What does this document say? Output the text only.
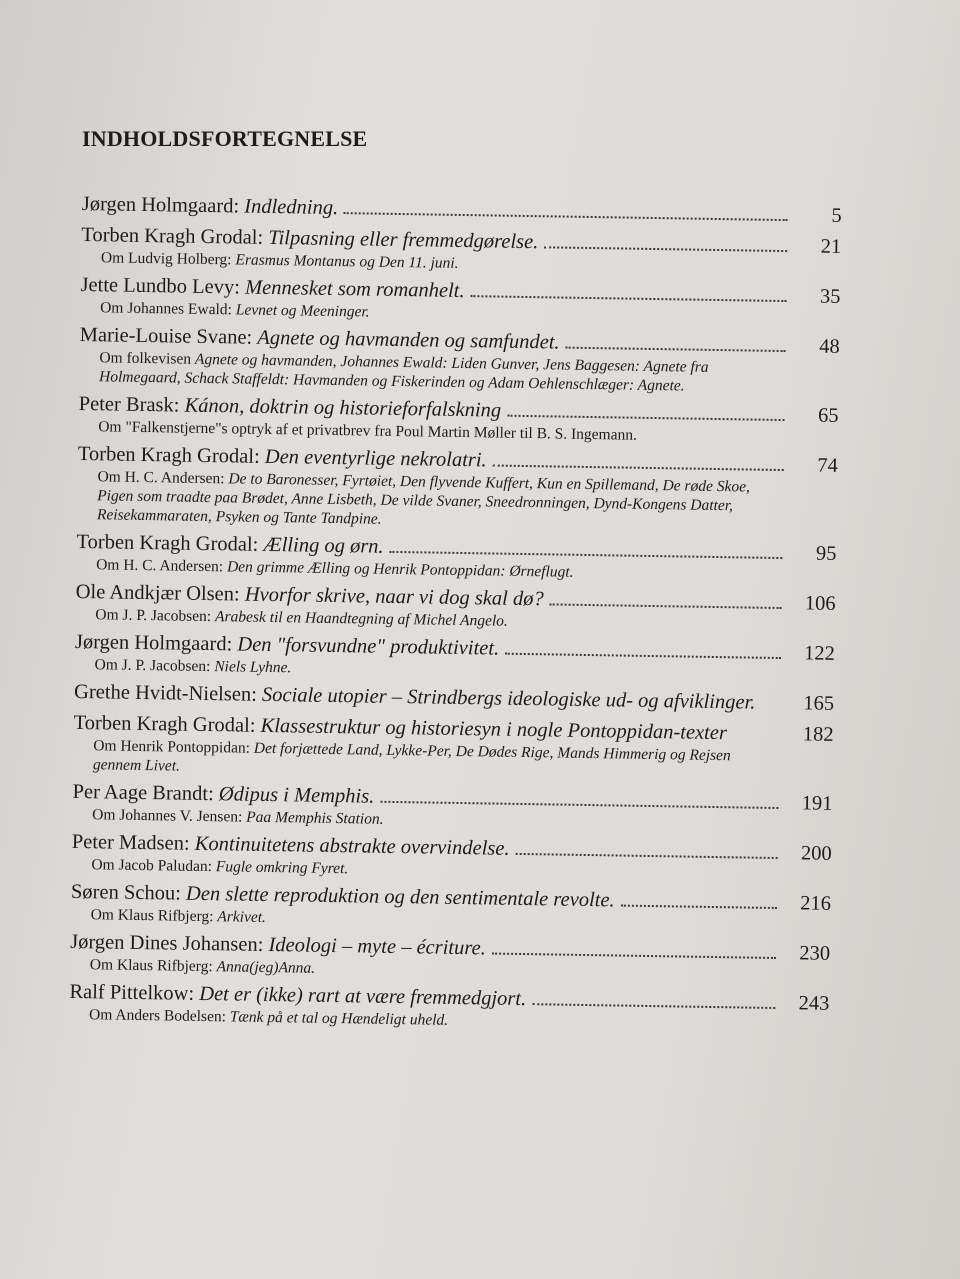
INDHOLDSFORTEGNELSE
Jørgen Holmgaard: Indledning.	5
Torben Kragh Grodal: Tilpasning eller fremmedgørelse.	21
Om Ludvig Holberg: Erasmus Montanus og Den 11. juni.
Jette Lundbo Levy: Mennesket som romanhelt.	35
Om Johannes Ewald: Levnet og Meeninger.
Marie-Louise Svane: Agnete og havmanden og samfundet.	48
Om folkevisen Agnete og havmanden, Johannes Ewald: Liden Gunver, Jens Baggesen: Agnete fra Holmegaard, Schack Staffeldt: Havmanden og Fiskerinden og Adam Oehlenschlæger: Agnete.
Peter Brask: Kánon, doktrin og historieforfalskning	65
Om "Falkenstjerne"s optryk af et privatbrev fra Poul Martin Møller til B. S. Ingemann.
Torben Kragh Grodal: Den eventyrlige nekrolatri.	74
Om H. C. Andersen: De to Baronesser, Fyrtøiet, Den flyvende Kuffert, Kun en Spillemand, De røde Skoe, Pigen som traadte paa Brødet, Anne Lisbeth, De vilde Svaner, Sneedronningen, Dynd-Kongens Datter, Reisekammaraten, Psyken og Tante Tandpine.
Torben Kragh Grodal: Ælling og ørn.	95
Om H. C. Andersen: Den grimme Ælling og Henrik Pontoppidan: Ørneflugt.
Ole Andkjær Olsen: Hvorfor skrive, naar vi dog skal dø?	106
Om J. P. Jacobsen: Arabesk til en Haandtegning af Michel Angelo.
Jørgen Holmgaard: Den "forsvundne" produktivitet.	122
Om J. P. Jacobsen: Niels Lyhne.
Grethe Hvidt-Nielsen: Sociale utopier – Strindbergs ideologiske ud- og afviklinger.	165
Torben Kragh Grodal: Klassestruktur og historiesyn i nogle Pontoppidan-texter	182
Om Henrik Pontoppidan: Det forjættede Land, Lykke-Per, De Dødes Rige, Mands Himmerig og Rejsen gennem Livet.
Per Aage Brandt: Ødipus i Memphis.	191
Om Johannes V. Jensen: Paa Memphis Station.
Peter Madsen: Kontinuitetens abstrakte overvindelse.	200
Om Jacob Paludan: Fugle omkring Fyret.
Søren Schou: Den slette reproduktion og den sentimentale revolte.	216
Om Klaus Rifbjerg: Arkivet.
Jørgen Dines Johansen: Ideologi – myte – écriture.	230
Om Klaus Rifbjerg: Anna(jeg)Anna.
Ralf Pittelkow: Det er (ikke) rart at være fremmedgjort.	243
Om Anders Bodelsen: Tænk på et tal og Hændeligt uheld.
